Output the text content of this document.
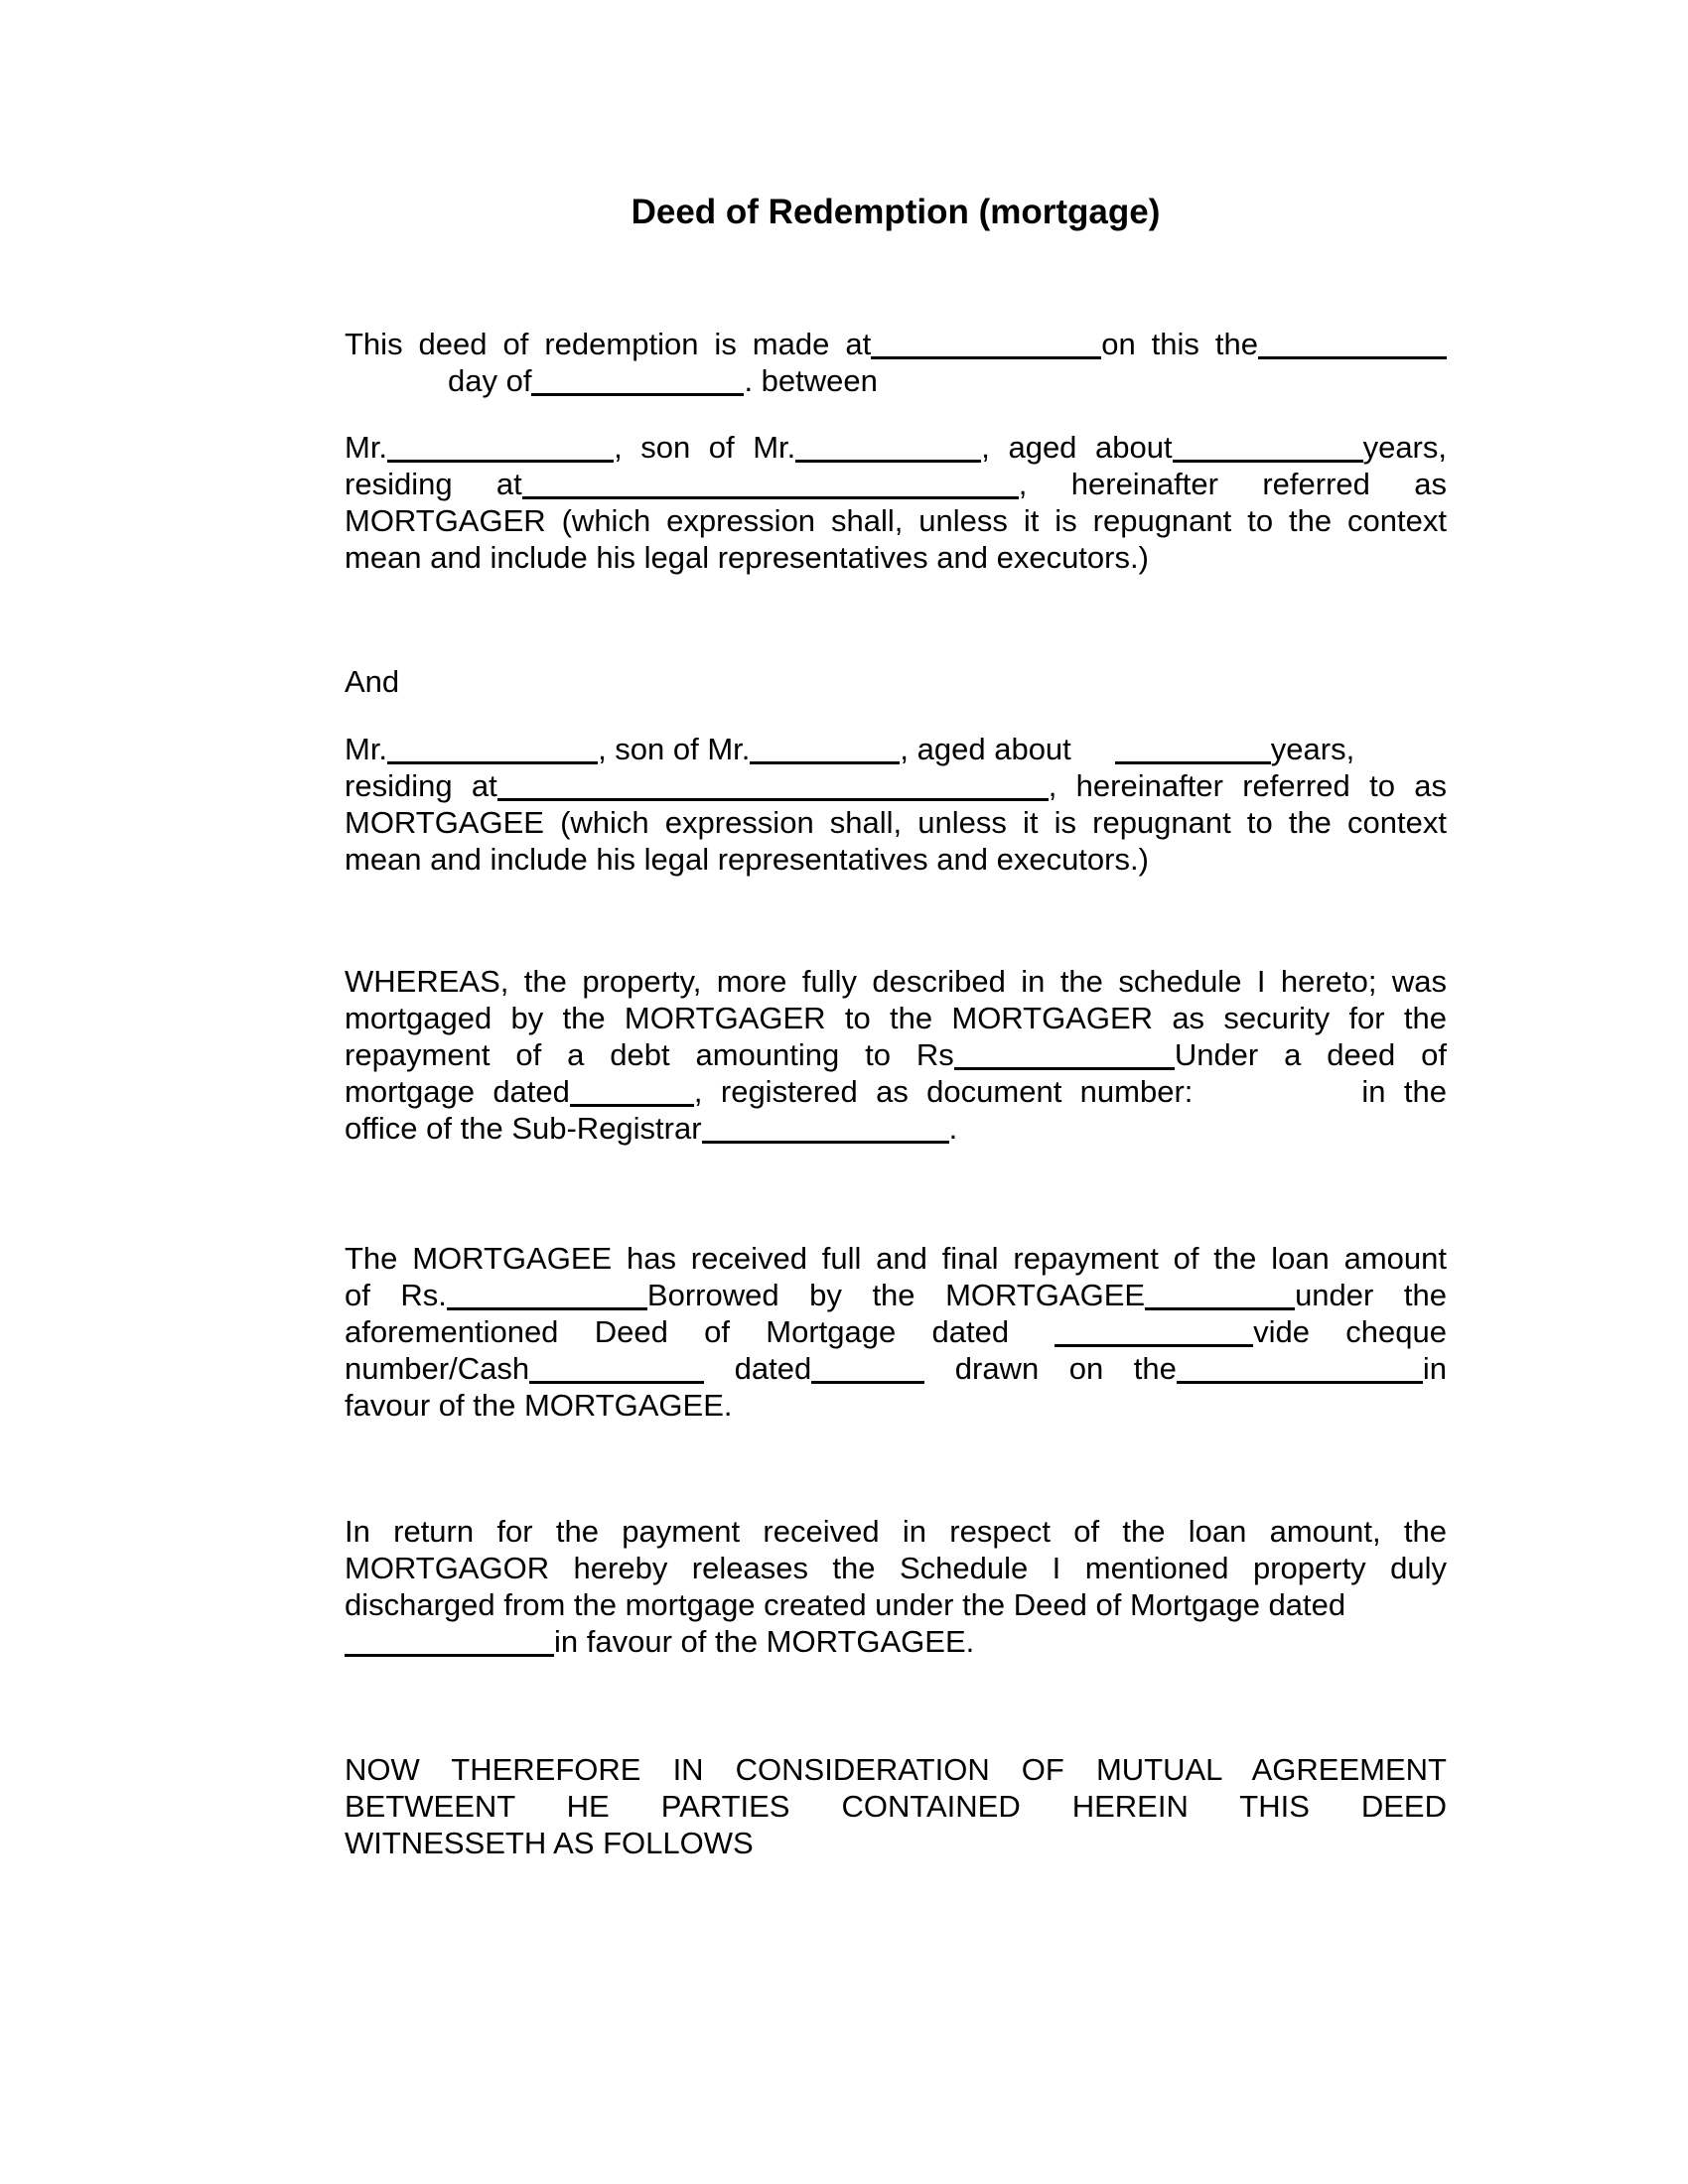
Deed of Redemption (mortgage)
This deed of redemption is made at	on this the
day of	. between
Mr.	, son of Mr.	, aged about	years,
residing at	, hereinafter referred as
MORTGAGER (which expression shall, unless it is repugnant to the context
mean and include his legal representatives and executors.)
And
Mr.	, son of Mr.	, aged about	years,
residing at	, hereinafter referred to as
MORTGAGEE (which expression shall, unless it is repugnant to the context
mean and include his legal representatives and executors.)
WHEREAS, the property, more fully described in the schedule I hereto; was
mortgaged by the MORTGAGER to the MORTGAGER as security for the
repayment of a debt amounting to Rs	Under a deed of
mortgage dated	, registered as document number:	in the
office of the Sub-Registrar	.
The MORTGAGEE has received full and final repayment of the loan amount
of Rs.	Borrowed by the MORTGAGEE	under the
aforementioned Deed of Mortgage dated	vide cheque
number/Cash	dated	drawn on the	in
favour of the MORTGAGEE.
In return for the payment received in respect of the loan amount, the
MORTGAGOR hereby releases the Schedule I mentioned property duly
discharged from the mortgage created under the Deed of Mortgage dated
in favour of the MORTGAGEE.
NOW THEREFORE IN CONSIDERATION OF MUTUAL AGREEMENT
BETWEENT HE PARTIES CONTAINED HEREIN THIS DEED
WITNESSETH AS FOLLOWS
